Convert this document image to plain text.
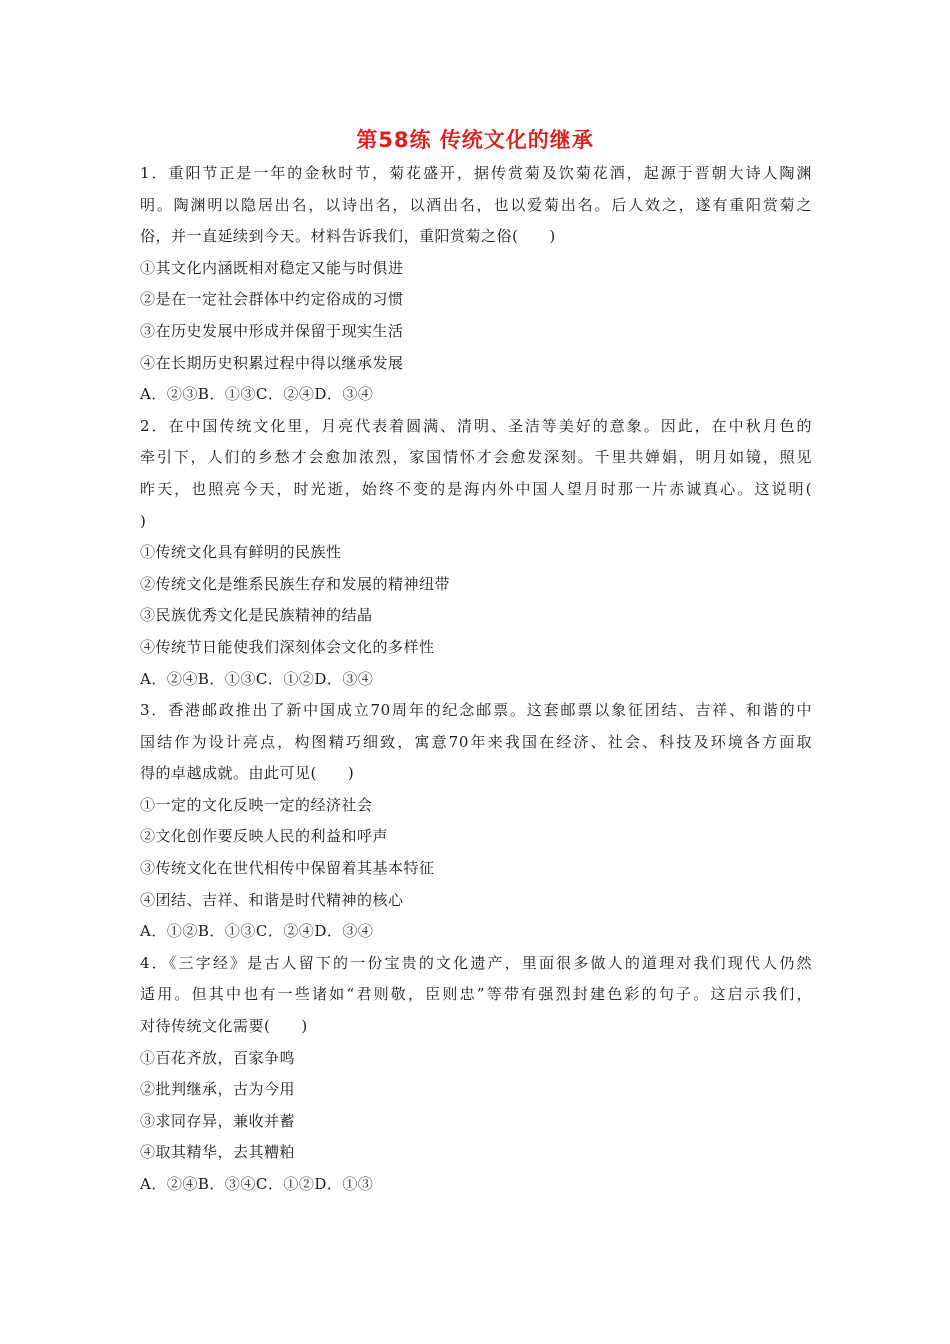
第58练 传统文化的继承
1．重阳节正是一年的金秋时节，菊花盛开，据传赏菊及饮菊花酒，起源于晋朝大诗人陶渊
明。陶渊明以隐居出名，以诗出名，以酒出名，也以爱菊出名。后人效之，遂有重阳赏菊之
俗，并一直延续到今天。材料告诉我们，重阳赏菊之俗(　　)
①其文化内涵既相对稳定又能与时俱进
②是在一定社会群体中约定俗成的习惯
③在历史发展中形成并保留于现实生活
④在长期历史积累过程中得以继承发展
A．②③B．①③C．②④D．③④
2．在中国传统文化里，月亮代表着圆满、清明、圣洁等美好的意象。因此，在中秋月色的
牵引下，人们的乡愁才会愈加浓烈，家国情怀才会愈发深刻。千里共婵娟，明月如镜，照见
昨天，也照亮今天，时光逝，始终不变的是海内外中国人望月时那一片赤诚真心。这说明(
)
①传统文化具有鲜明的民族性
②传统文化是维系民族生存和发展的精神纽带
③民族优秀文化是民族精神的结晶
④传统节日能使我们深刻体会文化的多样性
A．②④B．①③C．①②D．③④
3．香港邮政推出了新中国成立70周年的纪念邮票。这套邮票以象征团结、吉祥、和谐的中
国结作为设计亮点，构图精巧细致，寓意70年来我国在经济、社会、科技及环境各方面取
得的卓越成就。由此可见(　　)
①一定的文化反映一定的经济社会
②文化创作要反映人民的利益和呼声
③传统文化在世代相传中保留着其基本特征
④团结、吉祥、和谐是时代精神的核心
A．①②B．①③C．②④D．③④
4．《三字经》是古人留下的一份宝贵的文化遗产，里面很多做人的道理对我们现代人仍然
适用。但其中也有一些诸如“君则敬，臣则忠”等带有强烈封建色彩的句子。这启示我们，
对待传统文化需要(　　)
①百花齐放，百家争鸣
②批判继承，古为今用
③求同存异，兼收并蓄
④取其精华，去其糟粕
A．②④B．③④C．①②D．①③
